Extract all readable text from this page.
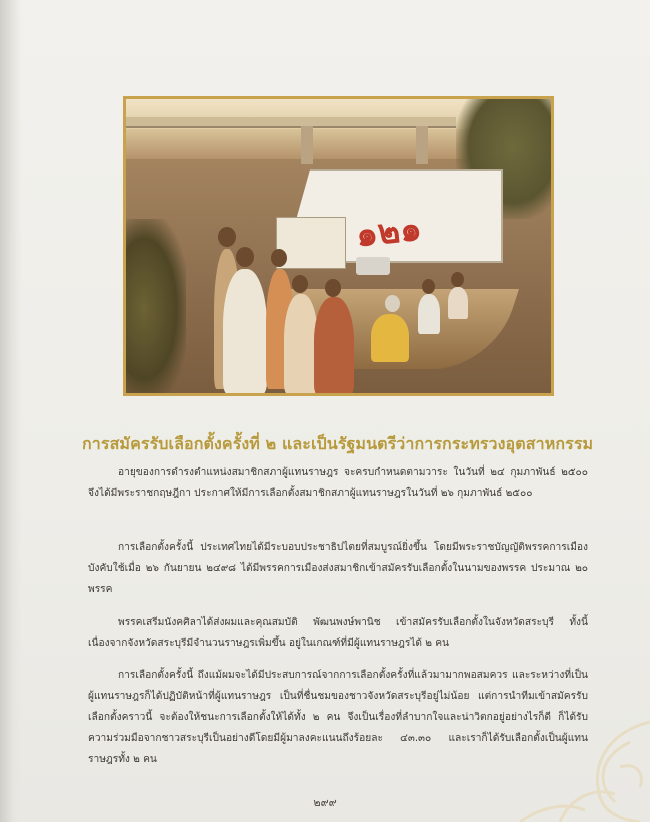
๑๒๑
การสมัครรับเลือกตั้งครั้งที่ ๒ และเป็นรัฐมนตรีว่าการกระทรวงอุตสาหกรรม

อายุของการดำรงตำแหน่งสมาชิกสภาผู้แทนราษฎร จะครบกำหนดตามวาระ ในวันที่ ๒๔ กุมภาพันธ์ ๒๕๐๐ จึงได้มีพระราชกฤษฎีกา ประกาศให้มีการเลือกตั้งสมาชิกสภาผู้แทนราษฎรในวันที่ ๒๖ กุมภาพันธ์ ๒๕๐๐

การเลือกตั้งครั้งนี้ ประเทศไทยได้มีระบอบประชาธิปไตยที่สมบูรณ์ยิ่งขึ้น โดยมีพระราชบัญญัติพรรคการเมืองบังคับใช้เมื่อ ๒๖ กันยายน ๒๔๙๘ ได้มีพรรคการเมืองส่งสมาชิกเข้าสมัครรับเลือกตั้งในนามของพรรค ประมาณ ๒๐ พรรค

พรรคเสรีมนังคศิลาได้ส่งผมและคุณสมบัติ พัฒนพงษ์พานิช เข้าสมัครรับเลือกตั้งในจังหวัดสระบุรี ทั้งนี้ เนื่องจากจังหวัดสระบุรีมีจำนวนราษฎรเพิ่มขึ้น อยู่ในเกณฑ์ที่มีผู้แทนราษฎรได้ ๒ คน

การเลือกตั้งครั้งนี้ ถึงแม้ผมจะได้มีประสบการณ์จากการเลือกตั้งครั้งที่แล้วมามากพอสมควร และระหว่างที่เป็นผู้แทนราษฎรก็ได้ปฏิบัติหน้าที่ผู้แทนราษฎร เป็นที่ชื่นชมของชาวจังหวัดสระบุรีอยู่ไม่น้อย แต่การนำทีมเข้าสมัครรับเลือกตั้งคราวนี้ จะต้องให้ชนะการเลือกตั้งให้ได้ทั้ง ๒ คน จึงเป็นเรื่องที่ลำบากใจและน่าวิตกอยู่อย่างไรก็ดี ก็ได้รับความร่วมมือจากชาวสระบุรีเป็นอย่างดีโดยมีผู้มาลงคะแนนถึงร้อยละ ๔๓.๓๐ และเราก็ได้รับเลือกตั้งเป็นผู้แทนราษฎรทั้ง ๒ คน

๒๙๙
